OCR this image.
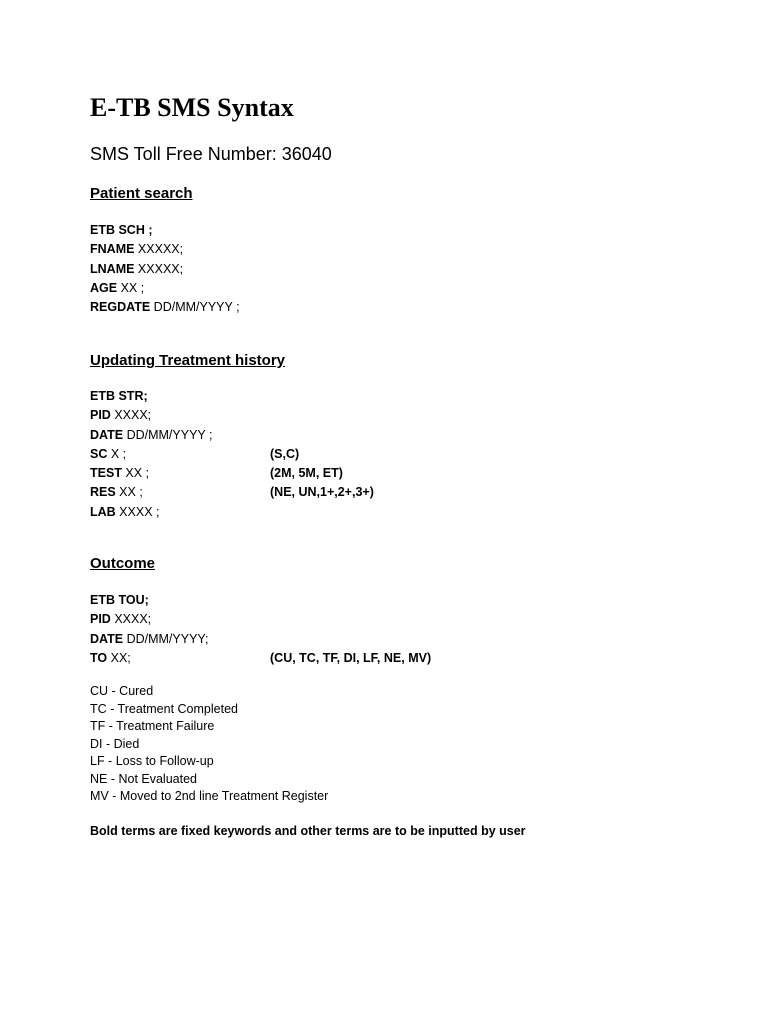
E-TB SMS Syntax
SMS Toll Free Number: 36040
Patient search
ETB SCH ;
FNAME XXXXX;
LNAME XXXXX;
AGE XX ;
REGDATE DD/MM/YYYY ;
Updating Treatment history
ETB STR;
PID XXXX;
DATE DD/MM/YYYY ;
SC X ;	(S,C)
TEST XX ;	(2M, 5M, ET)
RES XX ;	(NE, UN,1+,2+,3+)
LAB XXXX ;
Outcome
ETB TOU;
PID XXXX;
DATE DD/MM/YYYY;
TO XX;	(CU, TC, TF, DI, LF, NE, MV)
CU - Cured
TC - Treatment Completed
TF - Treatment Failure
DI - Died
LF - Loss to Follow-up
NE - Not Evaluated
MV - Moved to 2nd line Treatment Register
Bold terms are fixed keywords and other terms are to be inputted by user
